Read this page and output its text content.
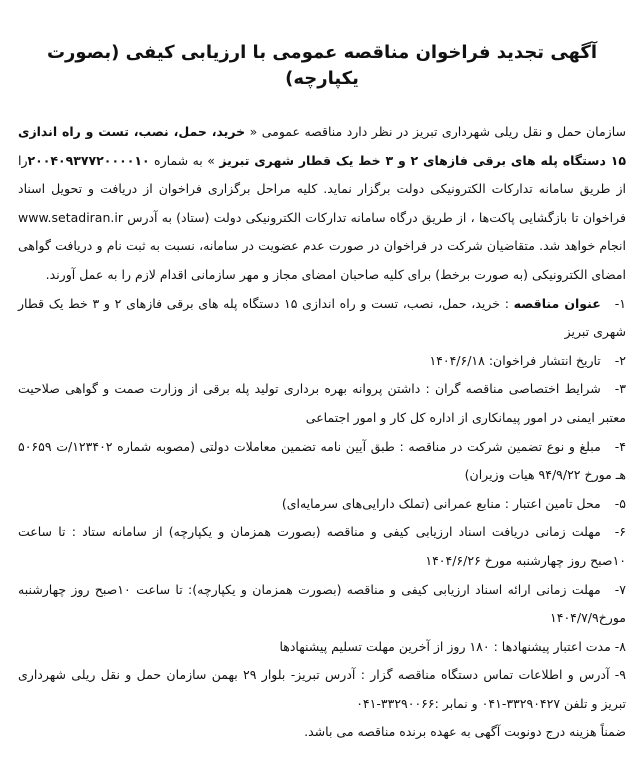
آگهی تجدید فراخوان مناقصه عمومی با ارزیابی کیفی (بصورت یکپارچه)

سازمان حمل و نقل ریلی شهرداری تبریز در نظر دارد مناقصه عمومی « خرید، حمل، نصب، تست و راه اندازی ۱۵ دستگاه پله های برقی فازهای ۲ و ۳ خط یک قطار شهری تبریز » به شماره ۲۰۰۴۰۹۳۷۷۲۰۰۰۰۱۰را از طریق سامانه تدارکات الکترونیکی دولت برگزار نماید. کلیه مراحل برگزاری فراخوان از دریافت و تحویل اسناد فراخوان تا بازگشایی پاکت‌ها ، از طریق درگاه سامانه تدارکات الکترونیکی دولت (ستاد) به آدرس www.setadiran.ir انجام خواهد شد. متقاضیان شرکت در فراخوان در صورت عدم عضویت در سامانه، نسبت به ثبت نام و دریافت گواهی امضای الکترونیکی (به صورت برخط) برای کلیه صاحبان امضای مجاز و مهر سازمانی اقدام لازم را به عمل آورند.

۱-عنوان مناقصه : خرید، حمل، نصب، تست و راه اندازی ۱۵ دستگاه پله های برقی فازهای ۲ و ۳ خط یک قطار شهری تبریز
۲-تاریخ انتشار فراخوان: ۱۴۰۴/۶/۱۸
۳-شرایط اختصاصی مناقصه گران : داشتن پروانه بهره برداری تولید پله برقی از وزارت صمت و گواهی صلاحیت معتبر ایمنی در امور پیمانکاری از اداره کل کار و امور اجتماعی
۴-مبلغ و نوع تضمین شرکت در مناقصه : طبق آیین نامه تضمین معاملات دولتی (مصوبه شماره ۱۲۳۴۰۲/ت ۵۰۶۵۹ هـ مورخ ۹۴/۹/۲۲ هیات وزیران)
۵-محل تامین اعتبار : منابع عمرانی (تملک دارایی‌های سرمایه‌ای)
۶-مهلت زمانی دریافت اسناد ارزیابی کیفی و مناقصه (بصورت همزمان و یکپارچه) از سامانه ستاد : تا ساعت ۱۰صبح روز چهارشنبه مورخ ۱۴۰۴/۶/۲۶
۷-مهلت زمانی ارائه اسناد ارزیابی کیفی و مناقصه (بصورت همزمان و یکپارچه): تا ساعت ۱۰صبح روز چهارشنبه مورخ۱۴۰۴/۷/۹
۸- مدت اعتبار پیشنهادها : ۱۸۰ روز از آخرین مهلت تسلیم پیشنهادها
۹- آدرس و اطلاعات تماس دستگاه مناقصه گزار : آدرس تبریز- بلوار ۲۹ بهمن سازمان حمل و نقل ریلی شهرداری تبریز و تلفن ۳۳۲۹۰۴۲۷-۰۴۱ و نمابر :۳۳۲۹۰۰۶۶-۰۴۱

ضمناً هزینه درج دونوبت آگهی به عهده برنده مناقصه می باشد.
